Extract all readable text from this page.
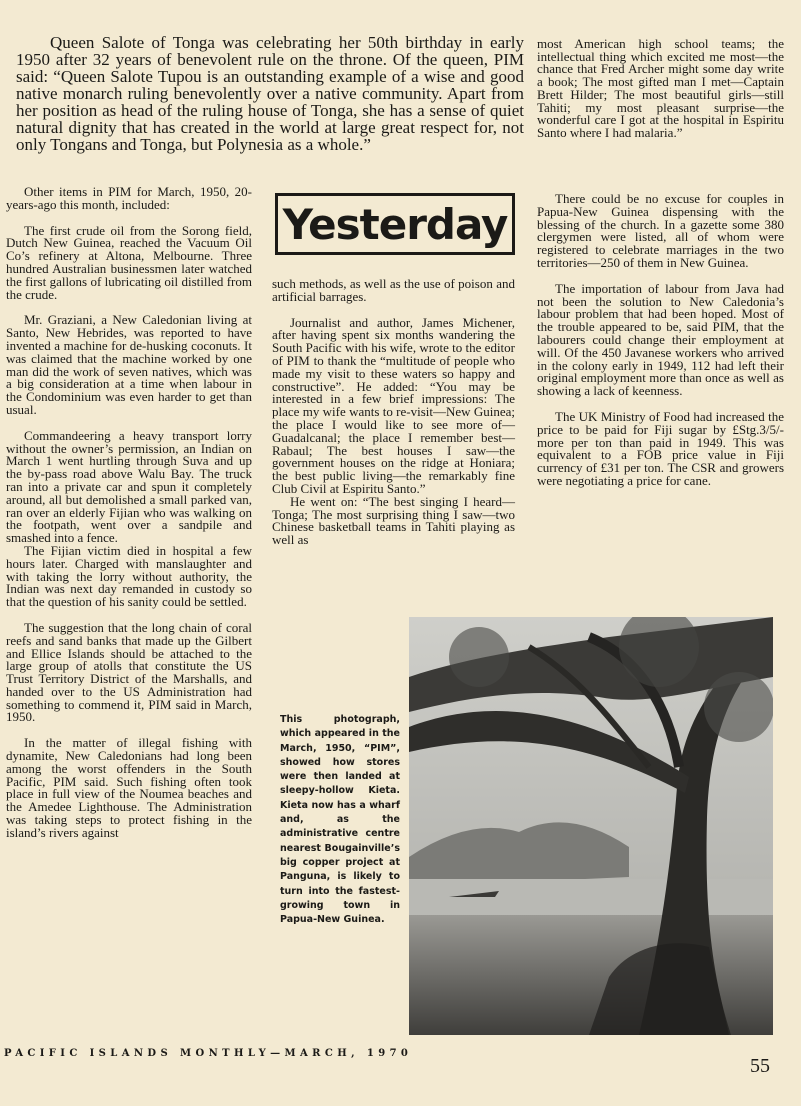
Queen Salote of Tonga was celebrating her 50th birthday in early 1950 after 32 years of benevolent rule on the throne. Of the queen, PIM said: “Queen Salote Tupou is an outstanding example of a wise and good native monarch ruling benevolently over a native community. Apart from her position as head of the ruling house of Tonga, she has a sense of quiet natural dignity that has created in the world at large great respect for, not only Tongans and Tonga, but Polynesia as a whole.”

most American high school teams; the intellectual thing which excited me most—the chance that Fred Archer might some day write a book; The most gifted man I met—Captain Brett Hilder; The most beautiful girls—still Tahiti; my most pleasant surprise—the wonderful care I got at the hospital in Espiritu Santo where I had malaria.”

Other items in PIM for March, 1950, 20-years-ago this month, included:

The first crude oil from the Sorong field, Dutch New Guinea, reached the Vacuum Oil Co’s refinery at Altona, Melbourne. Three hundred Australian businessmen later watched the first gallons of lubricating oil distilled from the crude.

Mr. Graziani, a New Caledonian living at Santo, New Hebrides, was reported to have invented a machine for de-husking coconuts. It was claimed that the machine worked by one man did the work of seven natives, which was a big consideration at a time when labour in the Condominium was even harder to get than usual.

Commandeering a heavy transport lorry without the owner’s permission, an Indian on March 1 went hurtling through Suva and up the by-pass road above Walu Bay. The truck ran into a private car and spun it completely around, all but demolished a small parked van, ran over an elderly Fijian who was walking on the footpath, went over a sandpile and smashed into a fence.

The Fijian victim died in hospital a few hours later. Charged with manslaughter and with taking the lorry without authority, the Indian was next day remanded in custody so that the question of his sanity could be settled.

The suggestion that the long chain of coral reefs and sand banks that made up the Gilbert and Ellice Islands should be attached to the large group of atolls that constitute the US Trust Territory District of the Marshalls, and handed over to the US Administration had something to commend it, PIM said in March, 1950.

In the matter of illegal fishing with dynamite, New Caledonians had long been among the worst offenders in the South Pacific, PIM said. Such fishing often took place in full view of the Noumea beaches and the Amedee Lighthouse. The Administration was taking steps to protect fishing in the island’s rivers against

Yesterday

such methods, as well as the use of poison and artificial barrages.

Journalist and author, James Michener, after having spent six months wandering the South Pacific with his wife, wrote to the editor of PIM to thank the “multitude of people who made my visit to these waters so happy and constructive”. He added: “You may be interested in a few brief impressions: The place my wife wants to re-visit—New Guinea; the place I would like to see more of—Guadalcanal; the place I remember best—Rabaul; The best houses I saw—the government houses on the ridge at Honiara; the best public living—the remarkably fine Club Civil at Espiritu Santo.”

He went on: “The best singing I heard—Tonga; The most surprising thing I saw—two Chinese basketball teams in Tahiti playing as well as

There could be no excuse for couples in Papua-New Guinea dispensing with the blessing of the church. In a gazette some 380 clergymen were listed, all of whom were registered to celebrate marriages in the two territories—250 of them in New Guinea.

The importation of labour from Java had not been the solution to New Caledonia’s labour problem that had been hoped. Most of the trouble appeared to be, said PIM, that the labourers could change their employment at will. Of the 450 Javanese workers who arrived in the colony early in 1949, 112 had left their original employment more than once as well as showing a lack of keenness.

The UK Ministry of Food had increased the price to be paid for Fiji sugar by £Stg.3/5/- more per ton than paid in 1949. This was equivalent to a FOB price value in Fiji currency of £31 per ton. The CSR and growers were negotiating a price for cane.

This photograph, which appeared in the March, 1950, “PIM”, showed how stores were then landed at sleepy-hollow Kieta. Kieta now has a wharf and, as the administrative centre nearest Bougainville’s big copper project at Panguna, is likely to turn into the fastest-growing town in Papua-New Guinea.
PACIFIC ISLANDS MONTHLY—MARCH, 1970
55
